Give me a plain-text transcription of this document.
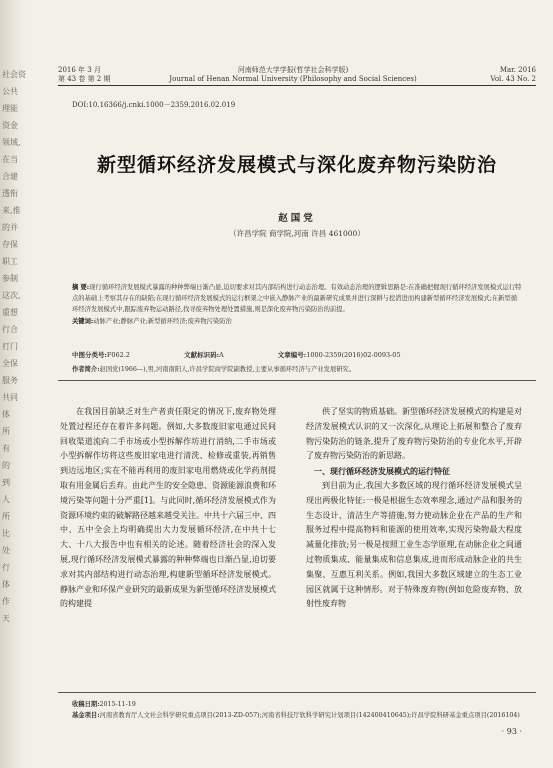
社会资
公共
理能
资金
领域,
在当
合建
透衔
来,推
的并
存保
职工
参制
这次,
重想
行合
打门
全保
服务
共同
体
所
有
的
到
人
所
比
处
行
体
作
天
2016 年 3 月
第 43 卷 第 2 期
河南师范大学学报(哲学社会科学版)
Journal of Henan Normal University (Philosophy and Social Sciences)
Mar. 2016
Vol. 43 No. 2
DOI:10.16366/j.cnki.1000－2359.2016.02.019
新型循环经济发展模式与深化废弃物污染防治
赵国党
（许昌学院 商学院,河南 许昌 461000）
摘 要:现行循环经济发展模式暴露的种种弊端日渐凸显,迫切要求对其内部结构进行动态治理。有效动态治理的逻辑思路是:在准确把握现行循环经济发展模式运行特点的基础上考察其存在的缺陷;在现行循环经济发展模式的运行框架之中嵌入静脉产业的最新研究成果并进行深耕与挖潜进而构建新型循环经济发展模式;在新型循环经济发展模式中,跟踪废弃物运动路径,找寻废弃物处理处置措施,则是深化废弃物污染防治的前提。
关键词:动脉产业;静脉产业;新型循环经济;废弃物污染防治
中图分类号:F062.2	文献标识码:A	文章编号:1000-2359(2016)02-0093-05
作者简介:赵国党(1966—),男,河南南阳人,许昌学院商学院副教授,主要从事循环经济与产业发展研究。
在我国目前缺乏对生产者责任限定的情况下,废弃物处理处置过程还存在着许多问题。例如,大多数废旧家电通过民间回收渠道流向二手市场或小型拆解作坊进行消纳,二手市场或小型拆解作坊将这些废旧家电进行清洗、检修或重装,再销售到边远地区;实在不能再利用的废旧家电用燃烧或化学药剂提取有用金属后丢弃。由此产生的安全隐患、资源能源浪费和环境污染等问题十分严重[1]。与此同时,循环经济发展模式作为资源环境约束的破解路径越来越受关注。中共十六届三中、四中、五中全会上均明确提出大力发展循环经济,在中共十七大、十八大报告中也有相关的论述。随着经济社会的深入发展,现行循环经济发展模式暴露的种种弊端也日渐凸显,迫切要求对其内部结构进行动态治理,构建新型循环经济发展模式。静脉产业和环保产业研究的最新成果为新型循环经济发展模式的构建提

供了坚实的物质基础。新型循环经济发展模式的构建是对经济发展模式认识的又一次深化,从理论上拓展和整合了废弃物污染防治的链条,提升了废弃物污染防治的专业化水平,开辟了废弃物污染防治的新思路。

一、现行循环经济发展模式的运行特征

到目前为止,我国大多数区域的现行循环经济发展模式呈现出两极化特征:一极是根据生态效率理念,通过产品和服务的生态设计、清洁生产等措施,努力使动脉企业在产品的生产和服务过程中提高物料和能源的使用效率,实现污染物最大程度减量化排放;另一极是按照工业生态学原理,在动脉企业之间通过物质集成、能量集成和信息集成,进而形成动脉企业的共生集聚、互惠互利关系。例如,我国大多数区域建立的生态工业园区就属于这种情形。对于特殊废弃物(例如危险废弃物、放射性废弃物

收稿日期:2015-11-19
基金项目:河南省教育厅人文社会科学研究重点项目(2013-ZD-057);河南省科技厅软科学研究计划项目(142400410645);许昌学院科研基金重点项目(2016104)
· 93 ·
